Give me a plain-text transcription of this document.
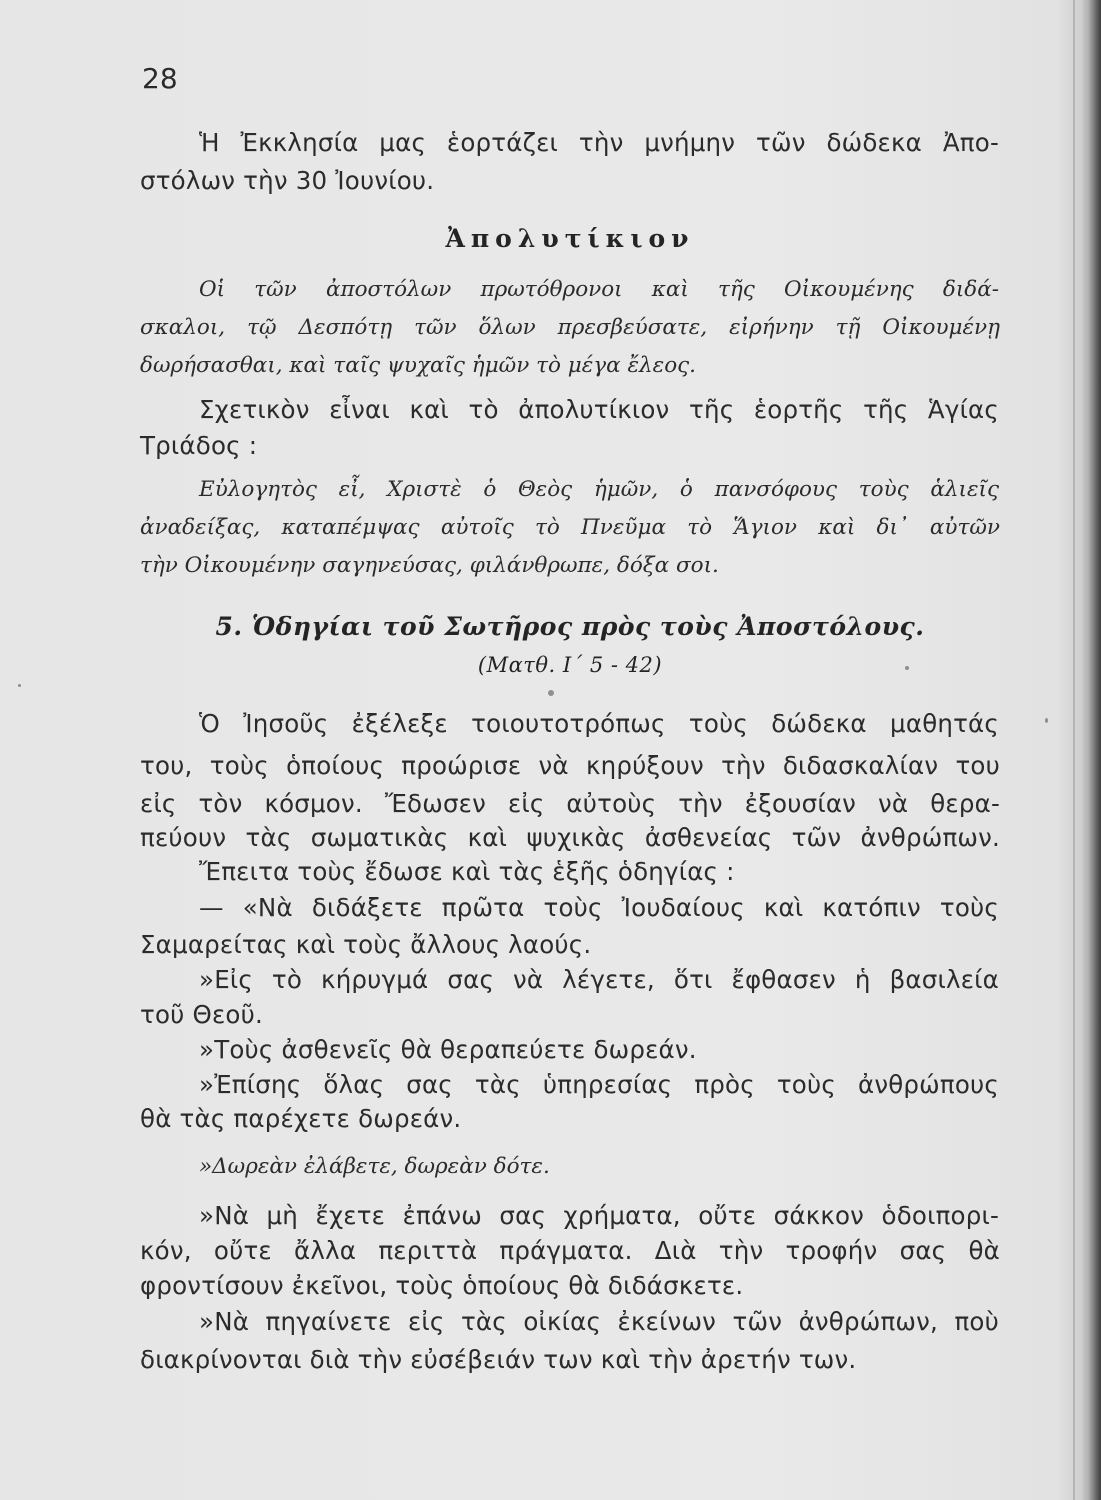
28

Ἡ Ἐκκλησία μας ἑορτάζει τὴν μνήμην τῶν δώδεκα Ἀπο-

στόλων τὴν 30 Ἰουνίου.

Ἀπολυτίκιον

Οἱ τῶν ἀποστόλων πρωτόθρονοι καὶ τῆς Οἰκουμένης διδά-

σκαλοι, τῷ Δεσπότῃ τῶν ὅλων πρεσβεύσατε, εἰρήνην τῇ Οἰκουμένῃ

δωρήσασθαι, καὶ ταῖς ψυχαῖς ἡμῶν τὸ μέγα ἔλεος.

Σχετικὸν εἶναι καὶ τὸ ἀπολυτίκιον τῆς ἑορτῆς τῆς Ἁγίας

Τριάδος :

Εὐλογητὸς εἶ, Χριστὲ ὁ Θεὸς ἡμῶν, ὁ πανσόφους τοὺς ἁλιεῖς

ἀναδείξας, καταπέμψας αὐτοῖς τὸ Πνεῦμα τὸ Ἅγιον καὶ δι᾽ αὐτῶν

τὴν Οἰκουμένην σαγηνεύσας, φιλάνθρωπε, δόξα σοι.

5. Ὁδηγίαι τοῦ Σωτῆρος πρὸς τοὺς Ἀποστόλους.

(Ματθ. Ι΄ 5 - 42)

Ὁ Ἰησοῦς ἐξέλεξε τοιουτοτρόπως τοὺς δώδεκα μαθητάς

του, τοὺς ὁποίους προώρισε νὰ κηρύξουν τὴν διδασκαλίαν του

εἰς τὸν κόσμον. Ἔδωσεν εἰς αὐτοὺς τὴν ἐξουσίαν νὰ θερα-

πεύουν τὰς σωματικὰς καὶ ψυχικὰς ἀσθενείας τῶν ἀνθρώπων.

Ἔπειτα τοὺς ἔδωσε καὶ τὰς ἑξῆς ὁδηγίας :

— «Νὰ διδάξετε πρῶτα τοὺς Ἰουδαίους καὶ κατόπιν τοὺς

Σαμαρείτας καὶ τοὺς ἄλλους λαούς.

»Εἰς τὸ κήρυγμά σας νὰ λέγετε, ὅτι ἔφθασεν ἡ βασιλεία

τοῦ Θεοῦ.

»Τοὺς ἀσθενεῖς θὰ θεραπεύετε δωρεάν.

»Ἐπίσης ὅλας σας τὰς ὑπηρεσίας πρὸς τοὺς ἀνθρώπους

θὰ τὰς παρέχετε δωρεάν.

»Δωρεὰν ἐλάβετε, δωρεὰν δότε.

»Νὰ μὴ ἔχετε ἐπάνω σας χρήματα, οὔτε σάκκον ὁδοιπορι-

κόν, οὔτε ἄλλα περιττὰ πράγματα. Διὰ τὴν τροφήν σας θὰ

φροντίσουν ἐκεῖνοι, τοὺς ὁποίους θὰ διδάσκετε.

»Νὰ πηγαίνετε εἰς τὰς οἰκίας ἐκείνων τῶν ἀνθρώπων, ποὺ

διακρίνονται διὰ τὴν εὐσέβειάν των καὶ τὴν ἀρετήν των.
